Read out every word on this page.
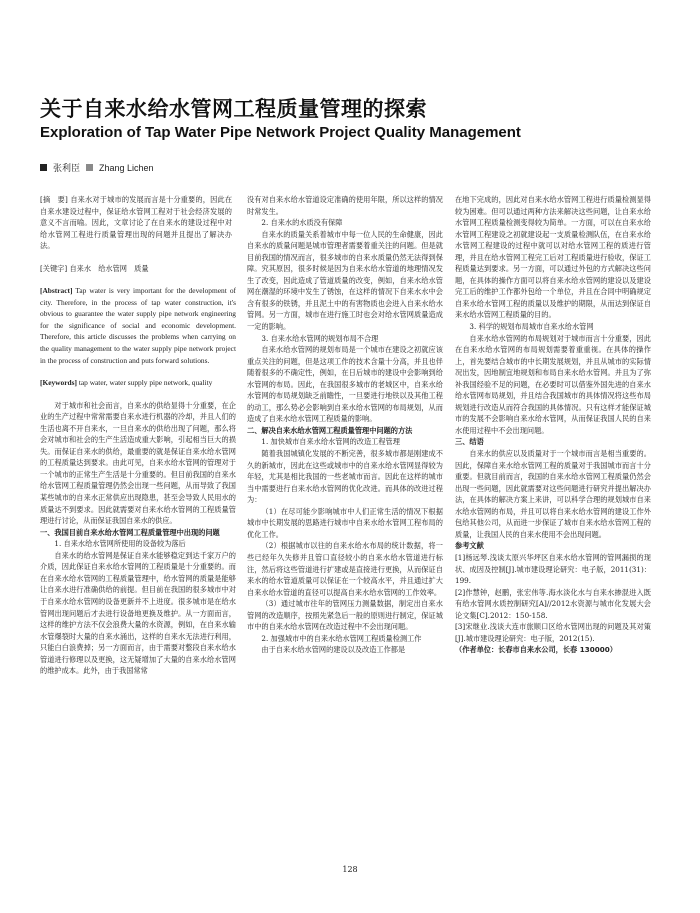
关于自来水给水管网工程质量管理的探索
Exploration of Tap Water Pipe Network Project Quality Management
张利臣 Zhang Lichen

[摘　要] 自来水对于城市的发展而言是十分重要的，因此在自来水建设过程中，保证给水管网工程对于社会经济发展的意义不言而喻。因此，文章讨论了在自来水的建设过程中对给水管网工程进行质量管理出现的问题并且提出了解决办法。

[关键字] 自来水　给水管网　质量

[Abstract] Tap water is very important for the development of city. Therefore, in the process of tap water construction, it's obvious to guarantee the water supply pipe network engineering for the significance of social and economic development. Therefore, this article discusses the problems when carrying on the quality management to the water supply pipe network project in the process of construction and puts forward solutions.

[Keywords] tap water, water supply pipe network, quality

对于城市和社会而言，自来水的供给显得十分重要，在企业的生产过程中常常需要自来水进行机器的冷却，并且人们的生活也离不开自来水，一旦自来水的供给出现了问题，那么将会对城市和社会的生产生活造成重大影响，引起相当巨大的损失。而保证自来水的供给，最重要的就是保证自来水给水管网的工程质量达到要求。由此可见，自来水给水管网的管理对于一个城市的正常生产生活是十分重要的。但目前我国的自来水给水管网工程质量管理仍然会出现一些问题，从而导致了我国某些城市的自来水正常供应出现隐患，甚至会导致人民用水的质量达不到要求。因此就需要对自来水给水管网的工程质量管理进行讨论，从而保证我国自来水的供应。

一、我国目前自来水给水管网工程质量管理中出现的问题

1. 自来水给水管网所使用的设备较为落后

自来水的给水管网是保证自来水能够稳定到达千家万户的介质，因此保证自来水给水管网的工程质量是十分重要的。而在自来水给水管网的工程质量管理中，给水管网的质量是能够让自来水进行准确供给的前提。但目前在我国的很多城市中对于自来水给水管网的设备更新并不上进度。很多城市是在给水管网出现问题后才去进行设备地更换及维护。从一方面而言，这样的维护方法不仅会浪费大量的水资源，例如，在自来水输水管爆裂时大量的自来水涌出，这样的自来水无法进行利用，只能白白浪费掉；另一方面而言，由于需要对整段自来水给水管道进行修理以及更换，这无疑增加了大量的自来水给水管网的维护成本。此外，由于我国常常

没有对自来水给水管道设定准确的使用年限，所以这样的情况时常发生。

2. 自来水的水质没有保障

自来水的质量关系着城市中每一位人民的生命健康，因此自来水的质量问题是城市管理者需要着重关注的问题。但是就目前我国的情况而言，很多城市的自来水质量仍然无法得到保障。究其原因，很多时候是因为自来水给水管道的地理情况发生了改变，因此造成了管道质量的改变，例如，自来水给水管网在潮湿的环境中发生了锈蚀，在这样的情况下自来水水中会含有很多的铁锈，并且泥土中的有害物质也会进入自来水给水管网。另一方面，城市在进行施工时也会对给水管网质量造成一定的影响。

3. 自来水给水管网的规划布局不合理

自来水给水管网的规划布局是一个城市在建设之初就应该重点关注的问题，但是这项工作的技术含量十分高，并且也伴随着很多的不确定性，例如，在日后城市的建设中会影响到给水管网的布局。因此，在我国很多城市的老城区中，自来水给水管网的布局规划缺乏前瞻性，一旦要进行地铁以及其他工程的动工，那么势必会影响到自来水给水管网的布局规划，从而造成了自来水给水管网工程质量的影响。

二、解决自来水给水管网工程质量管理中问题的方法

1. 加快城市自来水给水管网的改造工程管理

随着我国城镇化发展的不断完善，很多城市都是刚建成不久的新城市，因此在这些或城市中的自来水给水管网显得较为年轻，尤其是相比我国的一些老城市而言。因此在这样的城市当中需要进行自来水给水管网的优化改进。而具体的改进过程为：

（1）在尽可能少影响城市中人们正常生活的情况下根据城市中长期发展的思路进行城市中自来水给水管网工程布局的优化工作。

（2）根据城市以往的自来水给水布局的统计数据，将一些已经年久失修并且管口直径较小的自来水给水管道进行标注，然后将这些管道进行扩建或是直接进行更换，从而保证自来水的给水管道质量可以保证在一个较高水平，并且通过扩大自来水给水管道的直径可以提高自来水给水管网的工作效率。

（3）通过城市往年的管网压力测量数据，制定出自来水管网的改造顺序，按照先紧急后一般的原则进行制定，保证城市中的自来水给水管网在改造过程中不会出现问题。

2. 加强城市中的自来水给水管网工程质量检测工作

由于自来水给水管网的建设以及改造工作都是

在地下完成的，因此对自来水给水管网工程进行质量检测显得较为困难。但可以通过两种方法来解决这些问题，让自来水给水管网工程质量检测变得较为简单。一方面，可以在自来水给水管网工程建设之初就建设起一支质量检测队伍，在自来水给水管网工程建设的过程中就可以对给水管网工程的质进行管理，并且在给水管网工程完工后对工程质量进行验收，保证工程质量达到要求。另一方面，可以通过外包的方式解决这些问题，在具体的操作方面可以将自来水给水管网的建设以及建设完工后的维护工作都外包给一个单位，并且在合同中明确规定自来水给水管网工程的质量以及维护的期限，从而达到保证自来水给水管网工程质量的目的。

3. 科学的规划布局城市自来水给水管网

自来水给水管网的布局规划对于城市而言十分重要，因此在自来水给水管网的布局规划需要着重重视。在具体的操作上，首先要结合城市的中长期发展规划，并且从城市的实际情况出发，因地制宜地规划和布局自来水给水管网。并且为了弥补我国经验不足的问题，在必要时可以借鉴外国先进的自来水给水管网布局规划，并且结合我国城市的具体情况将这些布局规划进行改造从而符合我国的具体情况。只有这样才能保证城市的发展不会影响自来水给水管网，从而保证我国人民的自来水使用过程中不会出现问题。

三、结语

自来水的供应以及质量对于一个城市而言是相当重要的。因此，保障自来水给水管网工程的质量对于我国城市而言十分重要。但就目前而言，我国的自来水给水管网工程质量仍然会出现一些问题，因此就需要对这些问题进行研究并提出解决办法，在具体的解决方案上来讲，可以科学合理的规划城市自来水给水管网的布局，并且可以将自来水给水管网的建设工作外包给其他公司，从而进一步保证了城市自来水给水管网工程的质量，让我国人民的自来水使用不会出现问题。

参考文献

[1]杨远琴.浅谈太原兴华坪区自来水给水管网的管网漏损的现状、成因及控制[J].城市建设理论研究：电子版，2011(31)：199.

[2]作慧钟，赵鹏，张宏伟等.海水淡化水与自来水掺混进入既有给水管网水质控制研究[A]//2012水资源与城市化发展大会论文集[C].2012：150-158.

[3]宋继业.浅谈大连市旅顺口区给水管网出现的问题及其对策[J].城市建设理论研究：电子版，2012(15).

（作者单位：长春市自来水公司，长春 130000）

128
